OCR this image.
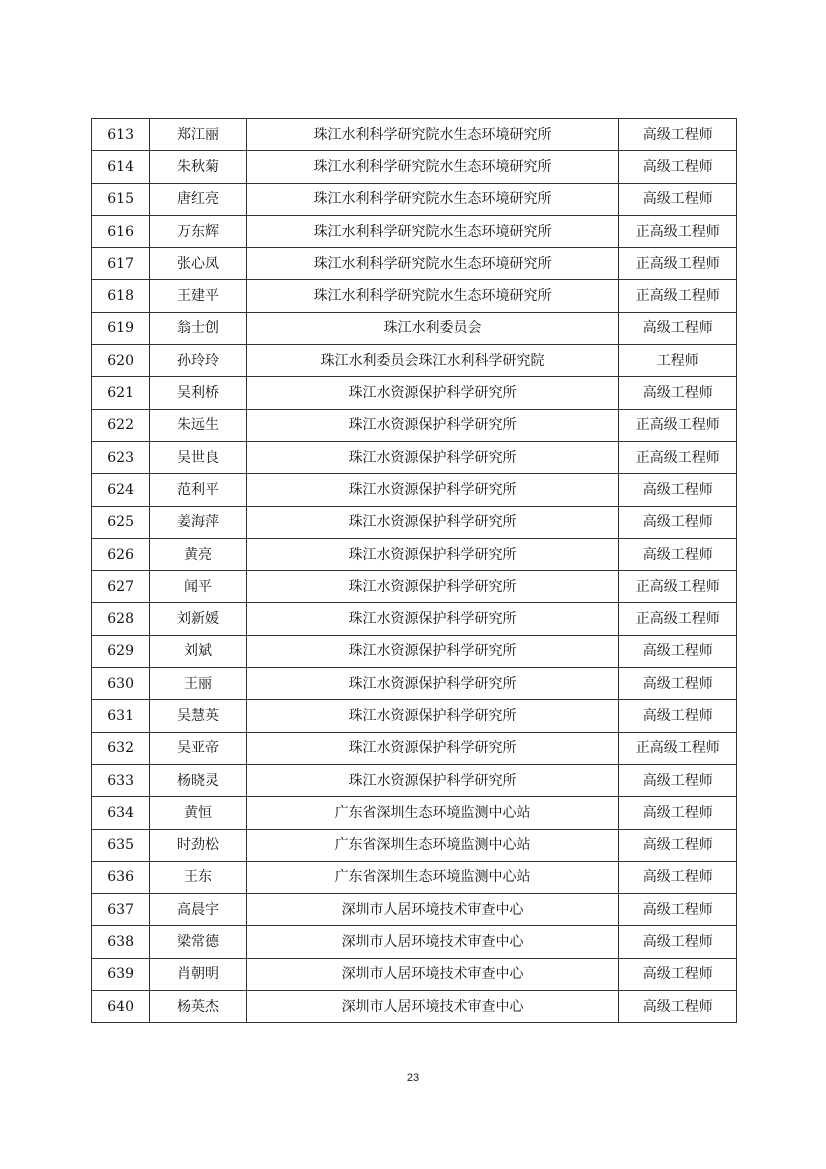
613	郑江丽	珠江水利科学研究院水生态环境研究所	高级工程师
614	朱秋菊	珠江水利科学研究院水生态环境研究所	高级工程师
615	唐红亮	珠江水利科学研究院水生态环境研究所	高级工程师
616	万东辉	珠江水利科学研究院水生态环境研究所	正高级工程师
617	张心凤	珠江水利科学研究院水生态环境研究所	正高级工程师
618	王建平	珠江水利科学研究院水生态环境研究所	正高级工程师
619	翁士创	珠江水利委员会	高级工程师
620	孙玲玲	珠江水利委员会珠江水利科学研究院	工程师
621	吴利桥	珠江水资源保护科学研究所	高级工程师
622	朱远生	珠江水资源保护科学研究所	正高级工程师
623	吴世良	珠江水资源保护科学研究所	正高级工程师
624	范利平	珠江水资源保护科学研究所	高级工程师
625	姜海萍	珠江水资源保护科学研究所	高级工程师
626	黄亮	珠江水资源保护科学研究所	高级工程师
627	闻平	珠江水资源保护科学研究所	正高级工程师
628	刘新媛	珠江水资源保护科学研究所	正高级工程师
629	刘斌	珠江水资源保护科学研究所	高级工程师
630	王丽	珠江水资源保护科学研究所	高级工程师
631	吴慧英	珠江水资源保护科学研究所	高级工程师
632	吴亚帝	珠江水资源保护科学研究所	正高级工程师
633	杨晓灵	珠江水资源保护科学研究所	高级工程师
634	黄恒	广东省深圳生态环境监测中心站	高级工程师
635	时劲松	广东省深圳生态环境监测中心站	高级工程师
636	王东	广东省深圳生态环境监测中心站	高级工程师
637	高晨宇	深圳市人居环境技术审查中心	高级工程师
638	梁常德	深圳市人居环境技术审查中心	高级工程师
639	肖朝明	深圳市人居环境技术审查中心	高级工程师
640	杨英杰	深圳市人居环境技术审查中心	高级工程师
23
